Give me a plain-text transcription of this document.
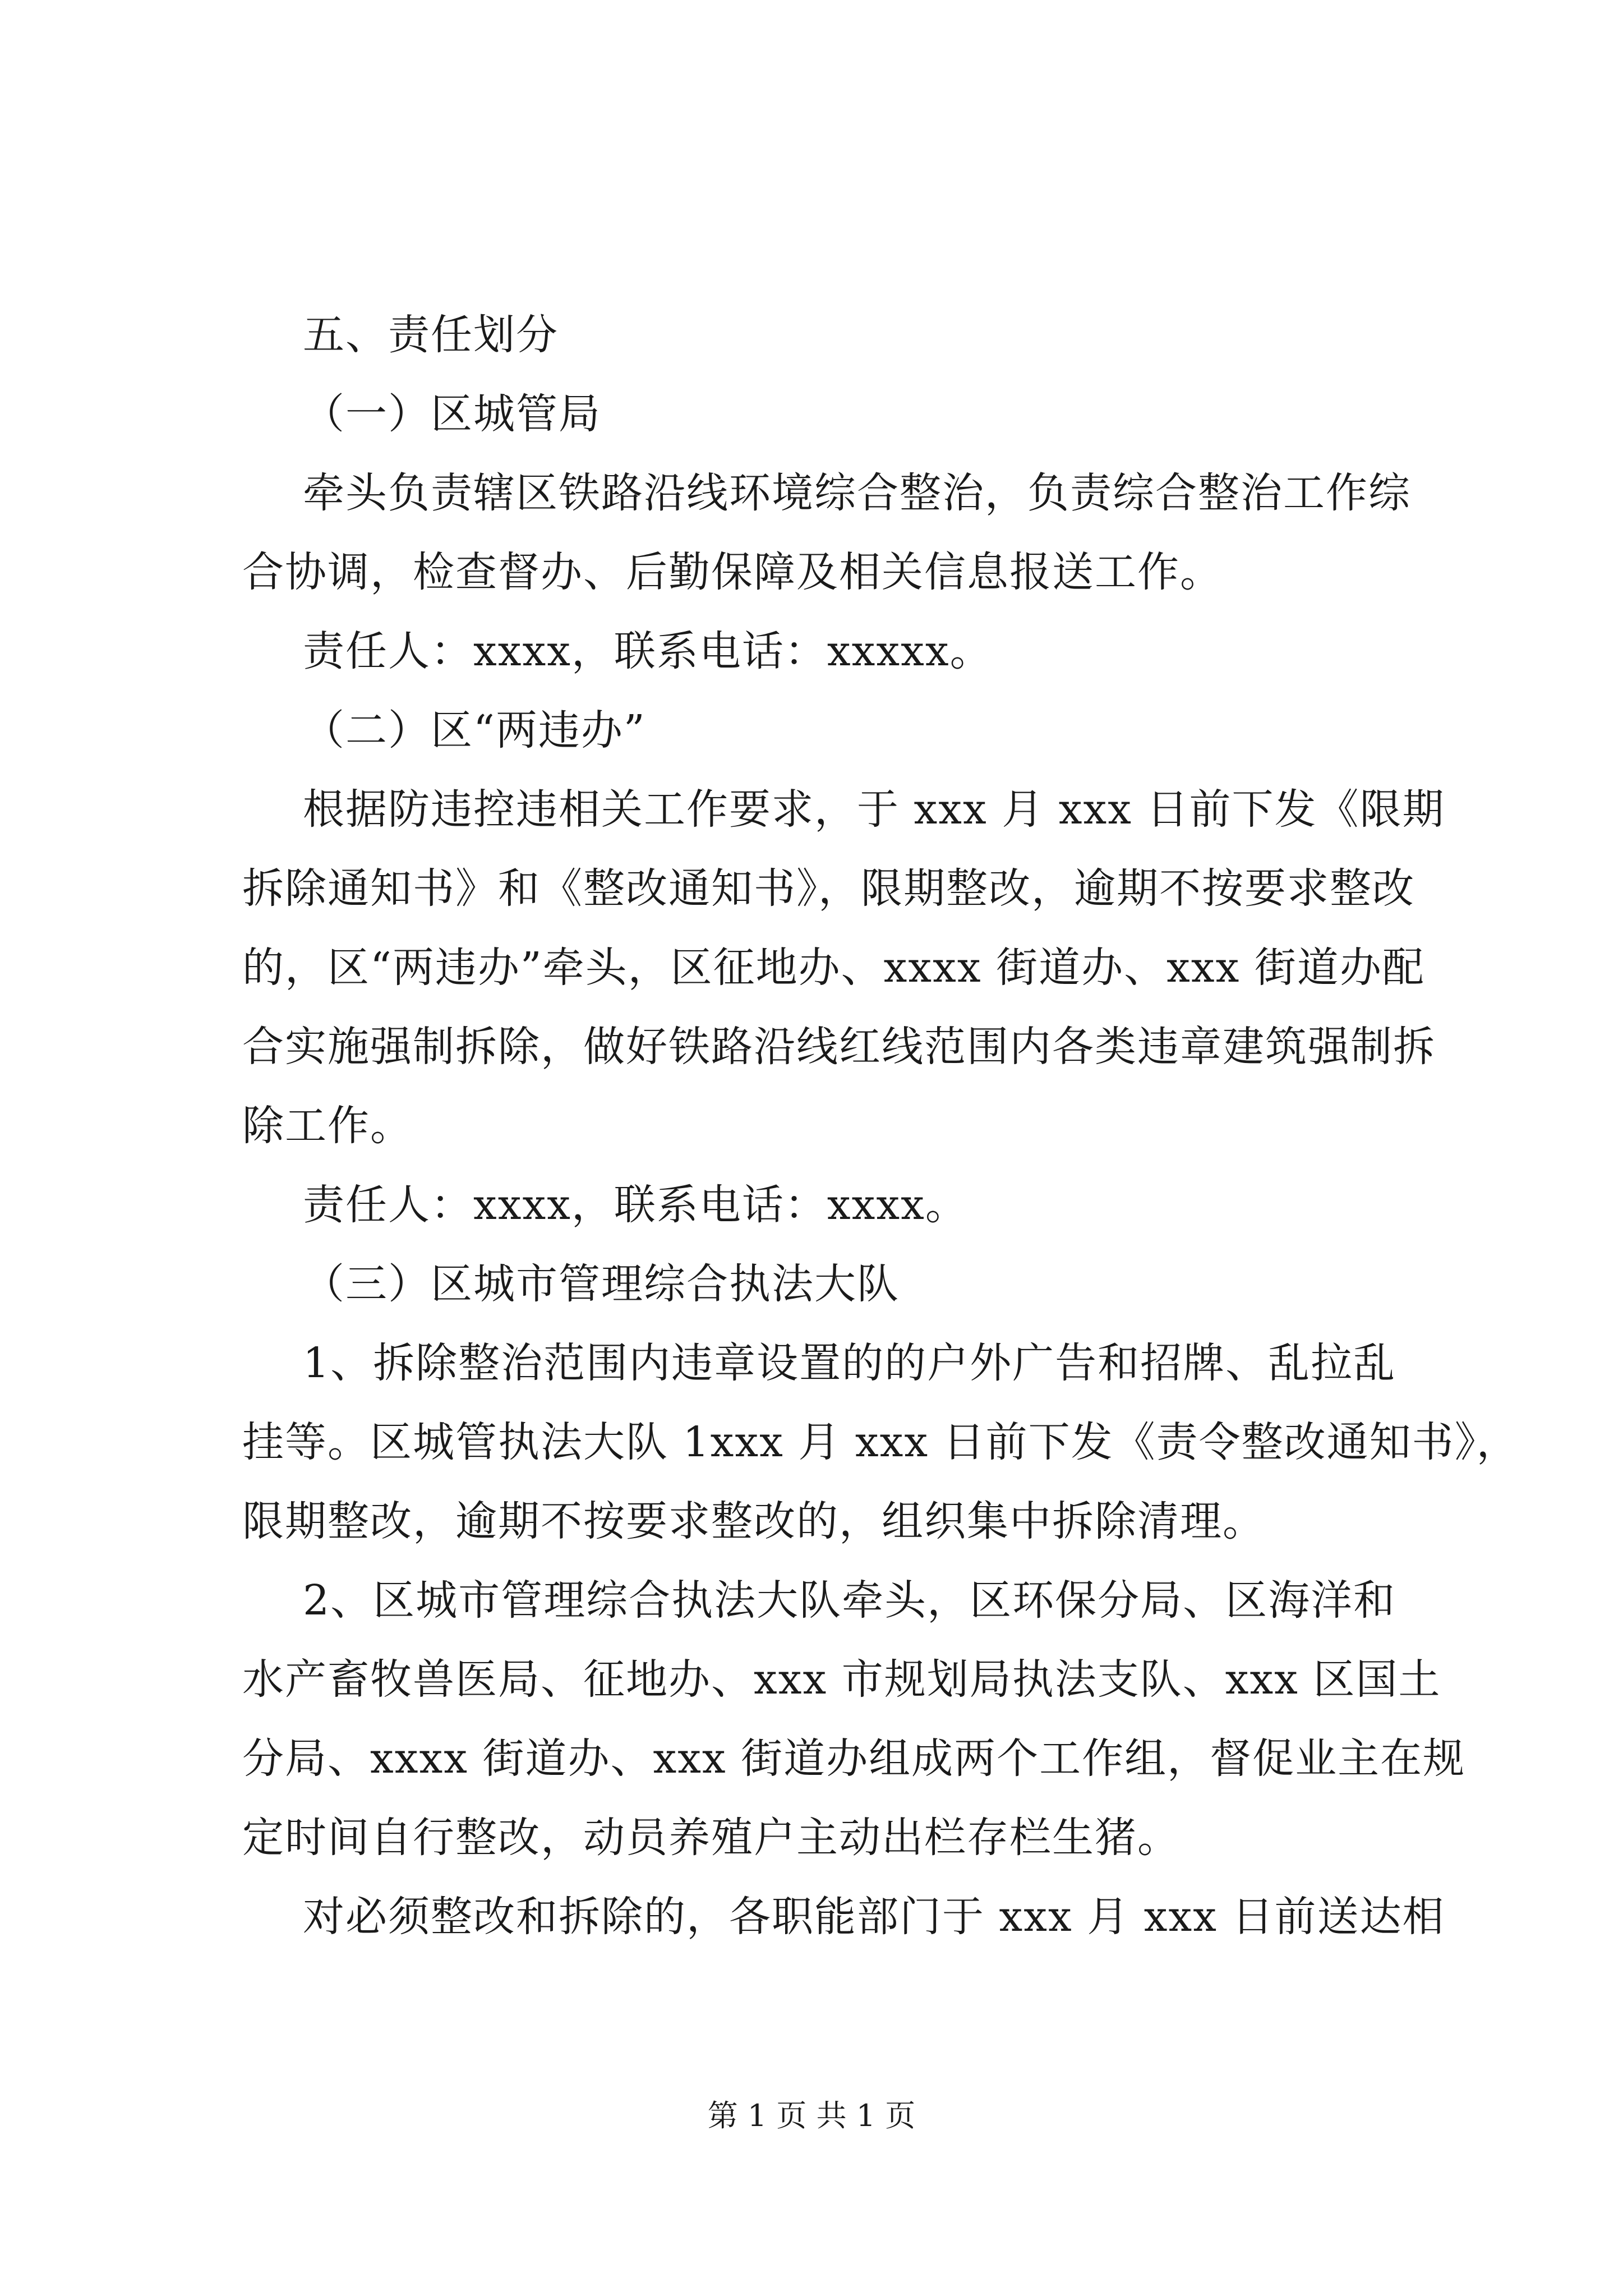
五、责任划分
（一）区城管局
牵头负责辖区铁路沿线环境综合整治，负责综合整治工作综
合协调，检查督办、后勤保障及相关信息报送工作。
责任人：xxxx，联系电话：xxxxx。
（二）区“两违办”
根据防违控违相关工作要求，于 xxx 月 xxx 日前下发《限期
拆除通知书》和《整改通知书》，限期整改，逾期不按要求整改
的，区“两违办”牵头，区征地办、xxxx 街道办、xxx 街道办配
合实施强制拆除，做好铁路沿线红线范围内各类违章建筑强制拆
除工作。
责任人：xxxx，联系电话：xxxx。
（三）区城市管理综合执法大队
1、拆除整治范围内违章设置的的户外广告和招牌、乱拉乱
挂等。区城管执法大队 1xxx 月 xxx 日前下发《责令整改通知书》，
限期整改，逾期不按要求整改的，组织集中拆除清理。
2、区城市管理综合执法大队牵头，区环保分局、区海洋和
水产畜牧兽医局、征地办、xxx 市规划局执法支队、xxx 区国土
分局、xxxx 街道办、xxx 街道办组成两个工作组，督促业主在规
定时间自行整改，动员养殖户主动出栏存栏生猪。
对必须整改和拆除的，各职能部门于 xxx 月 xxx 日前送达相
第 1 页 共 1 页
